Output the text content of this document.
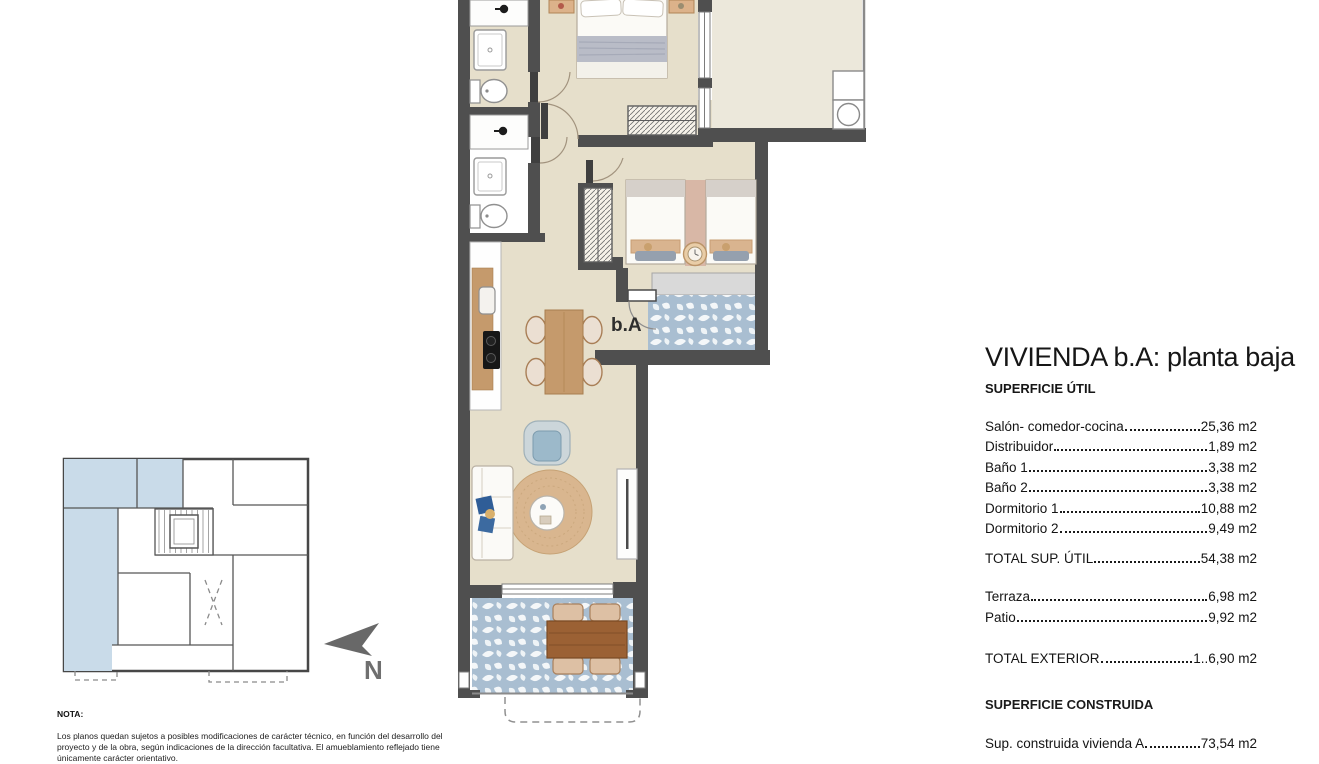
b.A
N
VIVIENDA b.A: planta baja
SUPERFICIE ÚTIL
Salón- comedor-cocina	25,36 m2
Distribuidor	1,89 m2
Baño 1	3,38 m2
Baño 2	3,38 m2
Dormitorio 1	10,88 m2
Dormitorio 2	9,49 m2
TOTAL SUP. ÚTIL	54,38 m2
Terraza	6,98 m2
Patio	9,92 m2
TOTAL EXTERIOR	1..6,90 m2
SUPERFICIE CONSTRUIDA
Sup. construida vivienda A	73,54 m2
NOTA:
Los planos quedan sujetos a posibles modificaciones de carácter técnico, en función del desarrollo del proyecto y de la obra, según indicaciones de la dirección facultativa. El amueblamiento reflejado tiene únicamente carácter orientativo.
